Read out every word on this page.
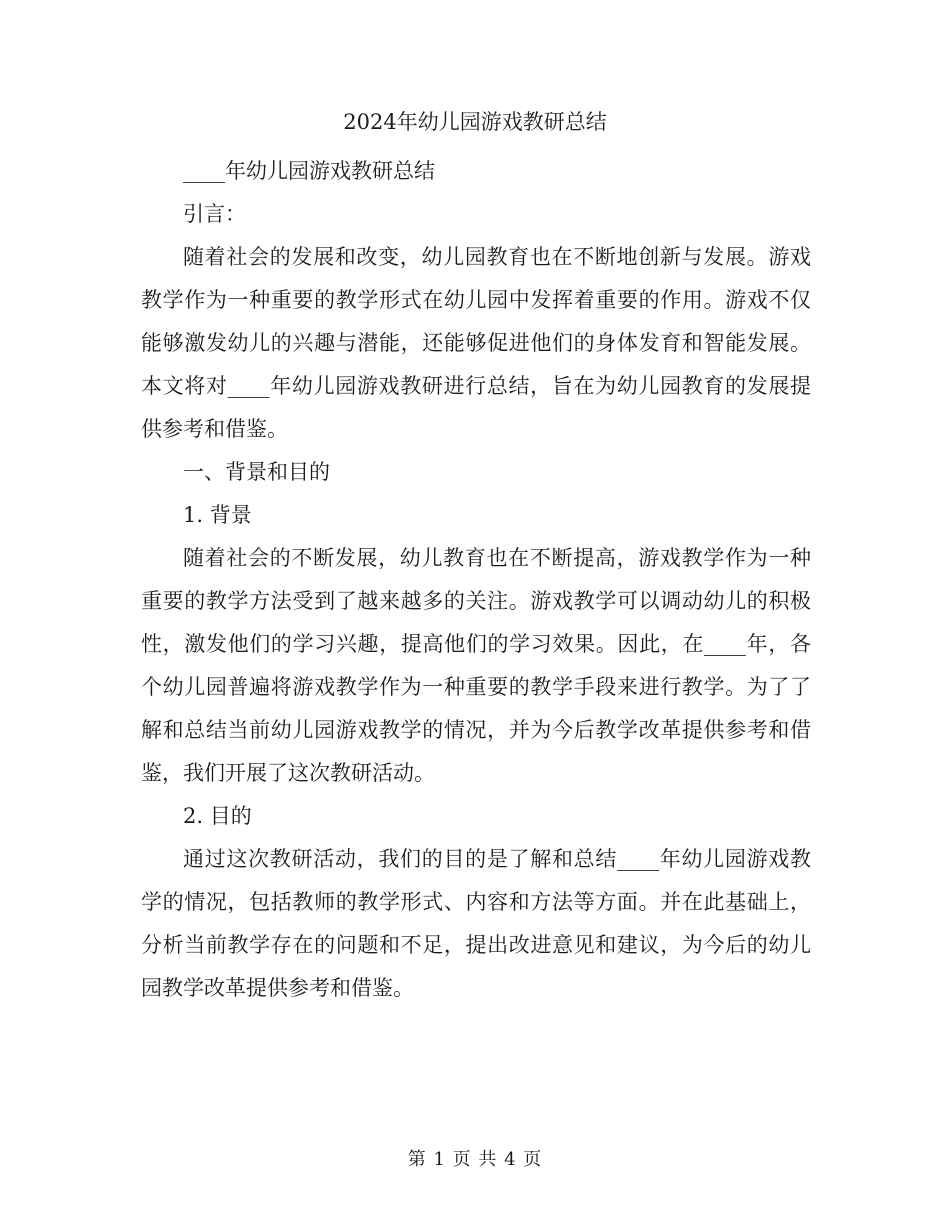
2024年幼儿园游戏教研总结

____年幼儿园游戏教研总结

引言：

随着社会的发展和改变，幼儿园教育也在不断地创新与发展。游戏教学作为一种重要的教学形式在幼儿园中发挥着重要的作用。游戏不仅能够激发幼儿的兴趣与潜能，还能够促进他们的身体发育和智能发展。本文将对____年幼儿园游戏教研进行总结，旨在为幼儿园教育的发展提供参考和借鉴。

一、背景和目的

1. 背景

随着社会的不断发展，幼儿教育也在不断提高，游戏教学作为一种重要的教学方法受到了越来越多的关注。游戏教学可以调动幼儿的积极性，激发他们的学习兴趣，提高他们的学习效果。因此，在____年，各个幼儿园普遍将游戏教学作为一种重要的教学手段来进行教学。为了了解和总结当前幼儿园游戏教学的情况，并为今后教学改革提供参考和借鉴，我们开展了这次教研活动。

2. 目的

通过这次教研活动，我们的目的是了解和总结____年幼儿园游戏教学的情况，包括教师的教学形式、内容和方法等方面。并在此基础上，分析当前教学存在的问题和不足，提出改进意见和建议，为今后的幼儿园教学改革提供参考和借鉴。

第 1 页 共 4 页
